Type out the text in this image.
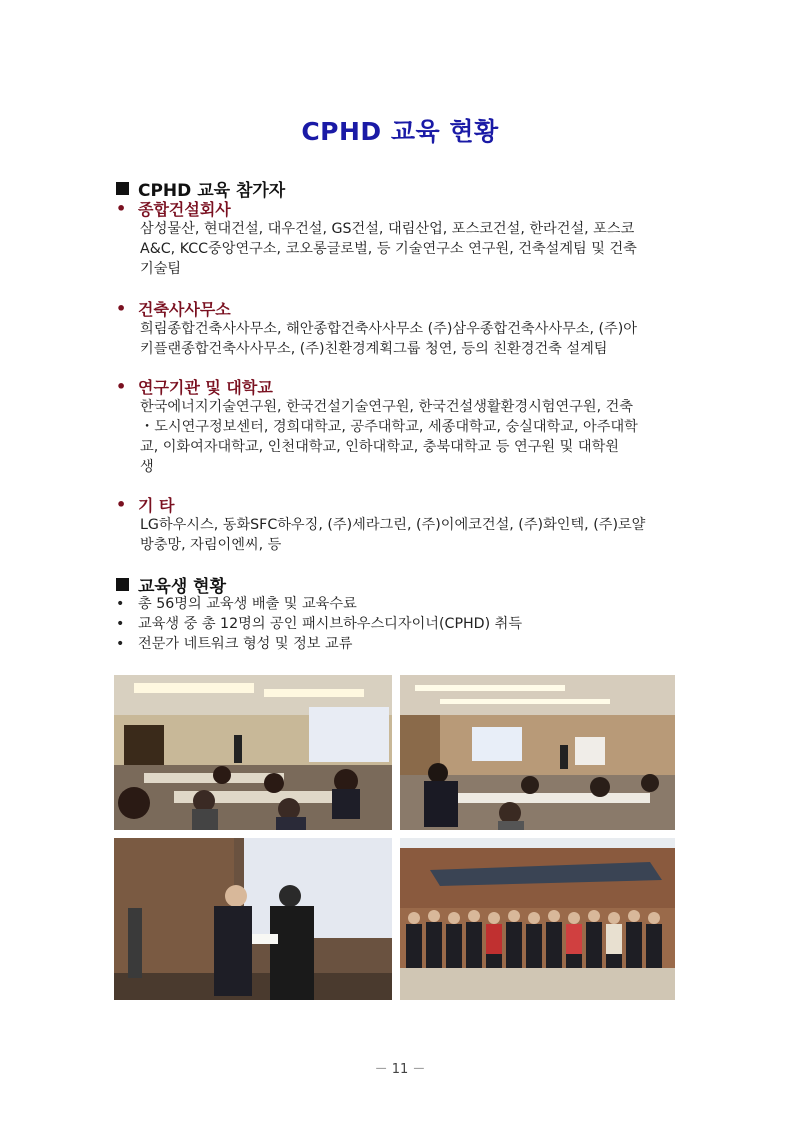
CPHD 교육 현황
CPHD 교육 참가자
• 종합건설회사
삼성물산, 현대건설, 대우건설, GS건설, 대림산업, 포스코건설, 한라건설, 포스코
A&C, KCC중앙연구소, 코오롱글로벌, 등 기술연구소 연구원, 건축설계팀 및 건축
기술팀
• 건축사사무소
희림종합건축사사무소, 해안종합건축사사무소 (주)삼우종합건축사사무소, (주)아
키플랜종합건축사사무소, (주)친환경계획그룹 청연, 등의 친환경건축 설계팀
• 연구기관 및 대학교
한국에너지기술연구원, 한국건설기술연구원, 한국건설생활환경시험연구원, 건축
・도시연구정보센터, 경희대학교, 공주대학교, 세종대학교, 숭실대학교, 아주대학
교, 이화여자대학교, 인천대학교, 인하대학교, 충북대학교 등 연구원 및 대학원
생
• 기 타
LG하우시스, 동화SFC하우징, (주)세라그린, (주)이에코건설, (주)화인텍, (주)로얄
방충망, 자림이엔씨, 등
교육생 현황
• 총 56명의 교육생 배출 및 교육수료
• 교육생 중 총 12명의 공인 패시브하우스디자이너(CPHD) 취득
• 전문가 네트워크 형성 및 정보 교류
－ 11 －
